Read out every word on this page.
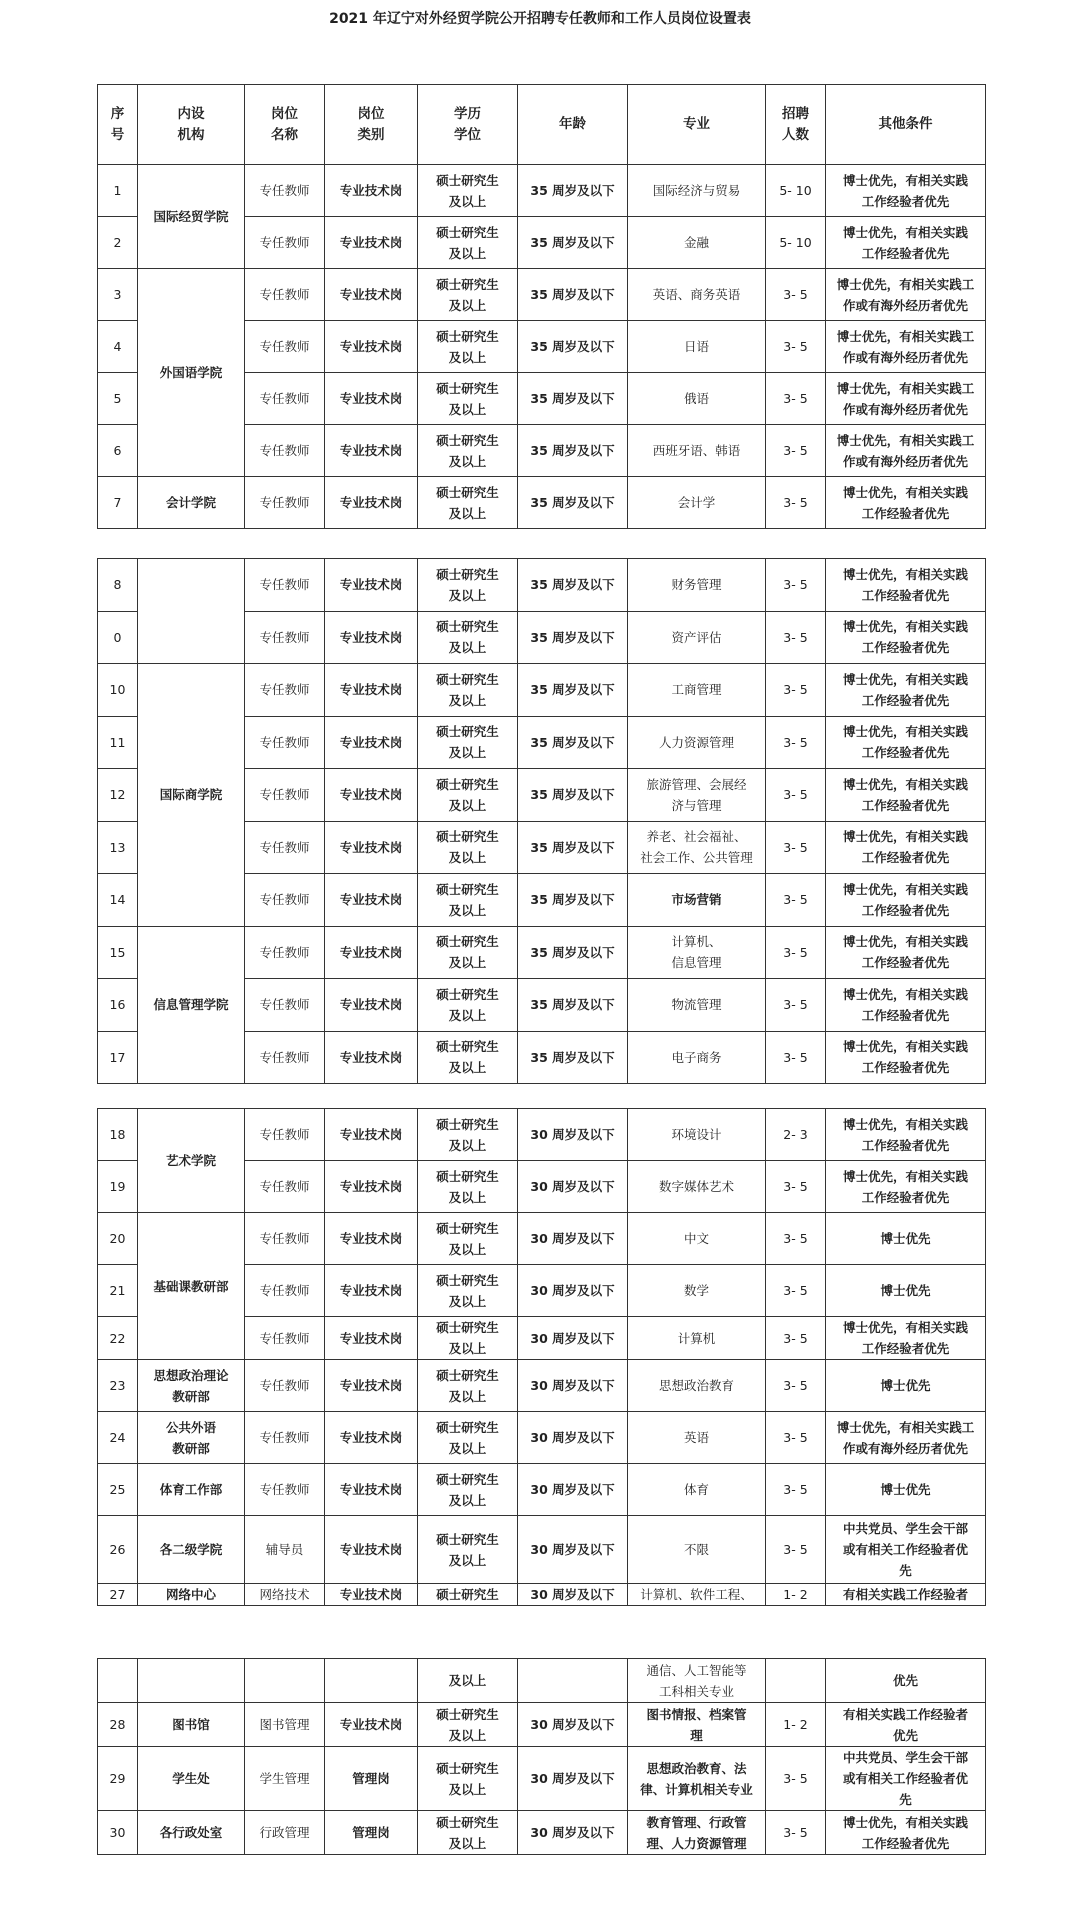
2021 年辽宁对外经贸学院公开招聘专任教师和工作人员岗位设置表
序
号	内设
机构	岗位
名称	岗位
类别	学历
学位	年龄	专业	招聘
人数	其他条件
1	国际经贸学院	专任教师	专业技术岗	硕士研究生
及以上	35 周岁及以下	国际经济与贸易	5- 10	博士优先，有相关实践
工作经验者优先
2		专任教师	专业技术岗	硕士研究生
及以上	35 周岁及以下	金融	5- 10	博士优先，有相关实践
工作经验者优先
3	外国语学院	专任教师	专业技术岗	硕士研究生
及以上	35 周岁及以下	英语、商务英语	3- 5	博士优先，有相关实践工
作或有海外经历者优先
4		专任教师	专业技术岗	硕士研究生
及以上	35 周岁及以下	日语	3- 5	博士优先，有相关实践工
作或有海外经历者优先
5		专任教师	专业技术岗	硕士研究生
及以上	35 周岁及以下	俄语	3- 5	博士优先，有相关实践工
作或有海外经历者优先
6		专任教师	专业技术岗	硕士研究生
及以上	35 周岁及以下	西班牙语、韩语	3- 5	博士优先，有相关实践工
作或有海外经历者优先
7	会计学院	专任教师	专业技术岗	硕士研究生
及以上	35 周岁及以下	会计学	3- 5	博士优先，有相关实践
工作经验者优先
8		专任教师	专业技术岗	硕士研究生
及以上	35 周岁及以下	财务管理	3- 5	博士优先，有相关实践
工作经验者优先
0		专任教师	专业技术岗	硕士研究生
及以上	35 周岁及以下	资产评估	3- 5	博士优先，有相关实践
工作经验者优先
10	国际商学院	专任教师	专业技术岗	硕士研究生
及以上	35 周岁及以下	工商管理	3- 5	博士优先，有相关实践
工作经验者优先
11		专任教师	专业技术岗	硕士研究生
及以上	35 周岁及以下	人力资源管理	3- 5	博士优先，有相关实践
工作经验者优先
12		专任教师	专业技术岗	硕士研究生
及以上	35 周岁及以下	旅游管理、会展经
济与管理	3- 5	博士优先，有相关实践
工作经验者优先
13		专任教师	专业技术岗	硕士研究生
及以上	35 周岁及以下	养老、社会福祉、
社会工作、公共管理	3- 5	博士优先，有相关实践
工作经验者优先
14		专任教师	专业技术岗	硕士研究生
及以上	35 周岁及以下	市场营销	3- 5	博士优先，有相关实践
工作经验者优先
15	信息管理学院	专任教师	专业技术岗	硕士研究生
及以上	35 周岁及以下	计算机、
信息管理	3- 5	博士优先，有相关实践
工作经验者优先
16		专任教师	专业技术岗	硕士研究生
及以上	35 周岁及以下	物流管理	3- 5	博士优先，有相关实践
工作经验者优先
17		专任教师	专业技术岗	硕士研究生
及以上	35 周岁及以下	电子商务	3- 5	博士优先，有相关实践
工作经验者优先
18	艺术学院	专任教师	专业技术岗	硕士研究生
及以上	30 周岁及以下	环境设计	2- 3	博士优先，有相关实践
工作经验者优先
19		专任教师	专业技术岗	硕士研究生
及以上	30 周岁及以下	数字媒体艺术	3- 5	博士优先，有相关实践
工作经验者优先
20	基础课教研部	专任教师	专业技术岗	硕士研究生
及以上	30 周岁及以下	中文	3- 5	博士优先
21		专任教师	专业技术岗	硕士研究生
及以上	30 周岁及以下	数学	3- 5	博士优先
22		专任教师	专业技术岗	硕士研究生
及以上	30 周岁及以下	计算机	3- 5	博士优先，有相关实践
工作经验者优先
23	思想政治理论
教研部	专任教师	专业技术岗	硕士研究生
及以上	30 周岁及以下	思想政治教育	3- 5	博士优先
24	公共外语
教研部	专任教师	专业技术岗	硕士研究生
及以上	30 周岁及以下	英语	3- 5	博士优先，有相关实践工
作或有海外经历者优先
25	体育工作部	专任教师	专业技术岗	硕士研究生
及以上	30 周岁及以下	体育	3- 5	博士优先
26	各二级学院	辅导员	专业技术岗	硕士研究生
及以上	30 周岁及以下	不限	3- 5	中共党员、学生会干部
或有相关工作经验者优
先
27	网络中心	网络技术	专业技术岗	硕士研究生	30 周岁及以下	计算机、软件工程、	1- 2	有相关实践工作经验者
				及以上		通信、人工智能等
工科相关专业		优先
28	图书馆	图书管理	专业技术岗	硕士研究生
及以上	30 周岁及以下	图书情报、档案管
理	1- 2	有相关实践工作经验者
优先
29	学生处	学生管理	管理岗	硕士研究生
及以上	30 周岁及以下	思想政治教育、法
律、计算机相关专业	3- 5	中共党员、学生会干部
或有相关工作经验者优
先
30	各行政处室	行政管理	管理岗	硕士研究生
及以上	30 周岁及以下	教育管理、行政管
理、人力资源管理	3- 5	博士优先，有相关实践
工作经验者优先
